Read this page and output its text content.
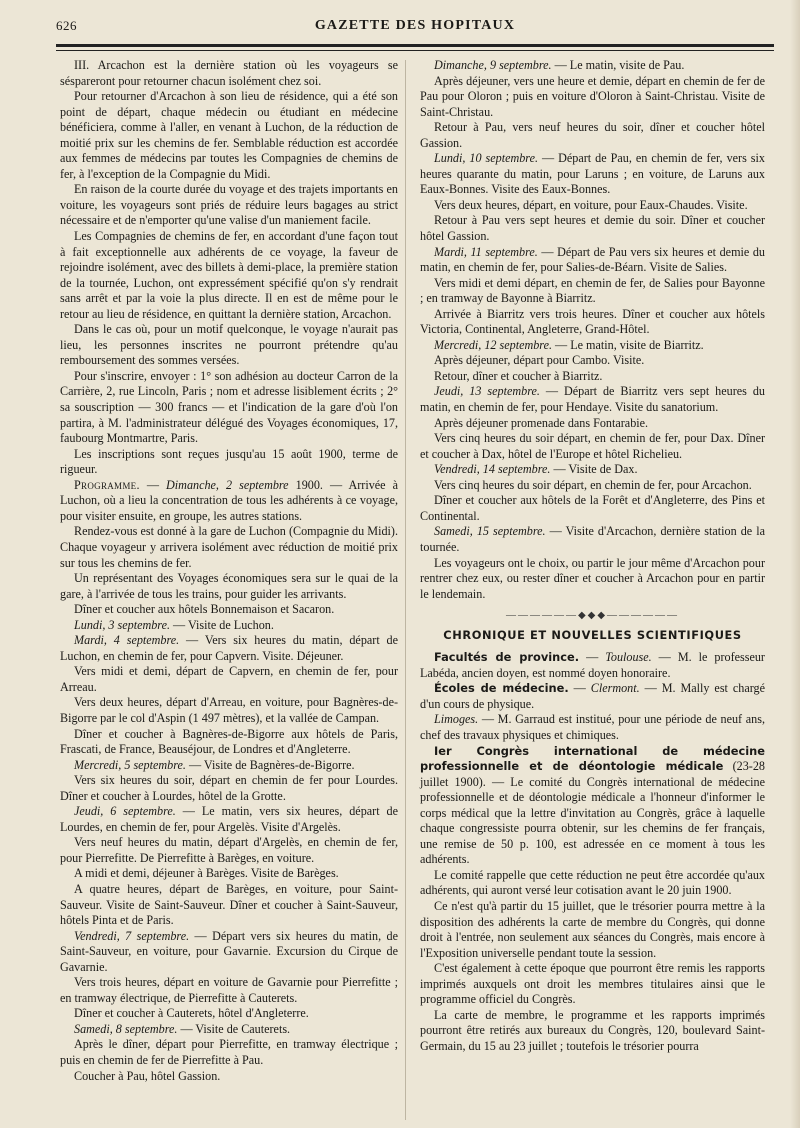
626	GAZETTE DES HOPITAUX

III. Arcachon est la dernière station où les voyageurs se séspareront pour retourner chacun isolément chez soi.

Pour retourner d'Arcachon à son lieu de résidence, qui a été son point de départ, chaque médecin ou étudiant en médecine bénéficiera, comme à l'aller, en venant à Luchon, de la réduction de moitié prix sur les chemins de fer. Semblable réduction est accordée aux femmes de médecins par toutes les Compagnies de chemins de fer, à l'exception de la Compagnie du Midi.

En raison de la courte durée du voyage et des trajets importants en voiture, les voyageurs sont priés de réduire leurs bagages au strict nécessaire et de n'emporter qu'une valise d'un maniement facile.

Les Compagnies de chemins de fer, en accordant d'une façon tout à fait exceptionnelle aux adhérents de ce voyage, la faveur de rejoindre isolément, avec des billets à demi-place, la première station de la tournée, Luchon, ont expressément spécifié qu'on s'y rendrait sans arrêt et par la voie la plus directe. Il en est de même pour le retour au lieu de résidence, en quittant la dernière station, Arcachon.

Dans le cas où, pour un motif quelconque, le voyage n'aurait pas lieu, les personnes inscrites ne pourront prétendre qu'au remboursement des sommes versées.

Pour s'inscrire, envoyer : 1° son adhésion au docteur Carron de la Carrière, 2, rue Lincoln, Paris ; nom et adresse lisiblement écrits ; 2° sa souscription — 300 francs — et l'indication de la gare d'où l'on partira, à M. l'administrateur délégué des Voyages économiques, 17, faubourg Montmartre, Paris.

Les inscriptions sont reçues jusqu'au 15 août 1900, terme de rigueur.

Programme. — Dimanche, 2 septembre 1900. — Arrivée à Luchon, où a lieu la concentration de tous les adhérents à ce voyage, pour visiter ensuite, en groupe, les autres stations.

Rendez-vous est donné à la gare de Luchon (Compagnie du Midi). Chaque voyageur y arrivera isolément avec réduction de moitié prix sur tous les chemins de fer.

Un représentant des Voyages économiques sera sur le quai de la gare, à l'arrivée de tous les trains, pour guider les arrivants.

Dîner et coucher aux hôtels Bonnemaison et Sacaron.

Lundi, 3 septembre. — Visite de Luchon.

Mardi, 4 septembre. — Vers six heures du matin, départ de Luchon, en chemin de fer, pour Capvern. Visite. Déjeuner.

Vers midi et demi, départ de Capvern, en chemin de fer, pour Arreau.

Vers deux heures, départ d'Arreau, en voiture, pour Bagnères-de-Bigorre par le col d'Aspin (1 497 mètres), et la vallée de Campan.

Dîner et coucher à Bagnères-de-Bigorre aux hôtels de Paris, Frascati, de France, Beauséjour, de Londres et d'Angleterre.

Mercredi, 5 septembre. — Visite de Bagnères-de-Bigorre.

Vers six heures du soir, départ en chemin de fer pour Lourdes. Dîner et coucher à Lourdes, hôtel de la Grotte.

Jeudi, 6 septembre. — Le matin, vers six heures, départ de Lourdes, en chemin de fer, pour Argelès. Visite d'Argelès.

Vers neuf heures du matin, départ d'Argelès, en chemin de fer, pour Pierrefitte. De Pierrefitte à Barèges, en voiture.

A midi et demi, déjeuner à Barèges. Visite de Barèges.

A quatre heures, départ de Barèges, en voiture, pour Saint-Sauveur. Visite de Saint-Sauveur. Dîner et coucher à Saint-Sauveur, hôtels Pinta et de Paris.

Vendredi, 7 septembre. — Départ vers six heures du matin, de Saint-Sauveur, en voiture, pour Gavarnie. Excursion du Cirque de Gavarnie.

Vers trois heures, départ en voiture de Gavarnie pour Pierrefitte ; en tramway électrique, de Pierrefitte à Cauterets.

Dîner et coucher à Cauterets, hôtel d'Angleterre.

Samedi, 8 septembre. — Visite de Cauterets.

Après le dîner, départ pour Pierrefitte, en tramway électrique ; puis en chemin de fer de Pierrefitte à Pau.

Coucher à Pau, hôtel Gassion.

Dimanche, 9 septembre. — Le matin, visite de Pau.

Après déjeuner, vers une heure et demie, départ en chemin de fer de Pau pour Oloron ; puis en voiture d'Oloron à Saint-Christau. Visite de Saint-Christau.

Retour à Pau, vers neuf heures du soir, dîner et coucher hôtel Gassion.

Lundi, 10 septembre. — Départ de Pau, en chemin de fer, vers six heures quarante du matin, pour Laruns ; en voiture, de Laruns aux Eaux-Bonnes. Visite des Eaux-Bonnes.

Vers deux heures, départ, en voiture, pour Eaux-Chaudes. Visite.

Retour à Pau vers sept heures et demie du soir. Dîner et coucher hôtel Gassion.

Mardi, 11 septembre. — Départ de Pau vers six heures et demie du matin, en chemin de fer, pour Salies-de-Béarn. Visite de Salies.

Vers midi et demi départ, en chemin de fer, de Salies pour Bayonne ; en tramway de Bayonne à Biarritz.

Arrivée à Biarritz vers trois heures. Dîner et coucher aux hôtels Victoria, Continental, Angleterre, Grand-Hôtel.

Mercredi, 12 septembre. — Le matin, visite de Biarritz.

Après déjeuner, départ pour Cambo. Visite.

Retour, dîner et coucher à Biarritz.

Jeudi, 13 septembre. — Départ de Biarritz vers sept heures du matin, en chemin de fer, pour Hendaye. Visite du sanatorium.

Après déjeuner promenade dans Fontarabie.

Vers cinq heures du soir départ, en chemin de fer, pour Dax. Dîner et coucher à Dax, hôtel de l'Europe et hôtel Richelieu.

Vendredi, 14 septembre. — Visite de Dax.

Vers cinq heures du soir départ, en chemin de fer, pour Arcachon.

Dîner et coucher aux hôtels de la Forêt et d'Angleterre, des Pins et Continental.

Samedi, 15 septembre. — Visite d'Arcachon, dernière station de la tournée.

Les voyageurs ont le choix, ou partir le jour même d'Arcachon pour rentrer chez eux, ou rester dîner et coucher à Arcachon pour en partir le lendemain.

——————◆◆◆——————
CHRONIQUE ET NOUVELLES SCIENTIFIQUES

Facultés de province. — Toulouse. — M. le professeur Labéda, ancien doyen, est nommé doyen honoraire.

Écoles de médecine. — Clermont. — M. Mally est chargé d'un cours de physique.

Limoges. — M. Garraud est institué, pour une période de neuf ans, chef des travaux physiques et chimiques.

Ier Congrès international de médecine professionnelle et de déontologie médicale (23-28 juillet 1900). — Le comité du Congrès international de médecine professionnelle et de déontologie médicale a l'honneur d'informer le corps médical que la lettre d'invitation au Congrès, grâce à laquelle chaque congressiste pourra obtenir, sur les chemins de fer français, une remise de 50 p. 100, est adressée en ce moment à tous les adhérents.

Le comité rappelle que cette réduction ne peut être accordée qu'aux adhérents, qui auront versé leur cotisation avant le 20 juin 1900.

Ce n'est qu'à partir du 15 juillet, que le trésorier pourra mettre à la disposition des adhérents la carte de membre du Congrès, qui donne droit à l'entrée, non seulement aux séances du Congrès, mais encore à l'Exposition universelle pendant toute la session.

C'est également à cette époque que pourront être remis les rapports imprimés auxquels ont droit les membres titulaires ainsi que le programme officiel du Congrès.

La carte de membre, le programme et les rapports imprimés pourront être retirés aux bureaux du Congrès, 120, boulevard Saint-Germain, du 15 au 23 juillet ; toutefois le trésorier pourra
